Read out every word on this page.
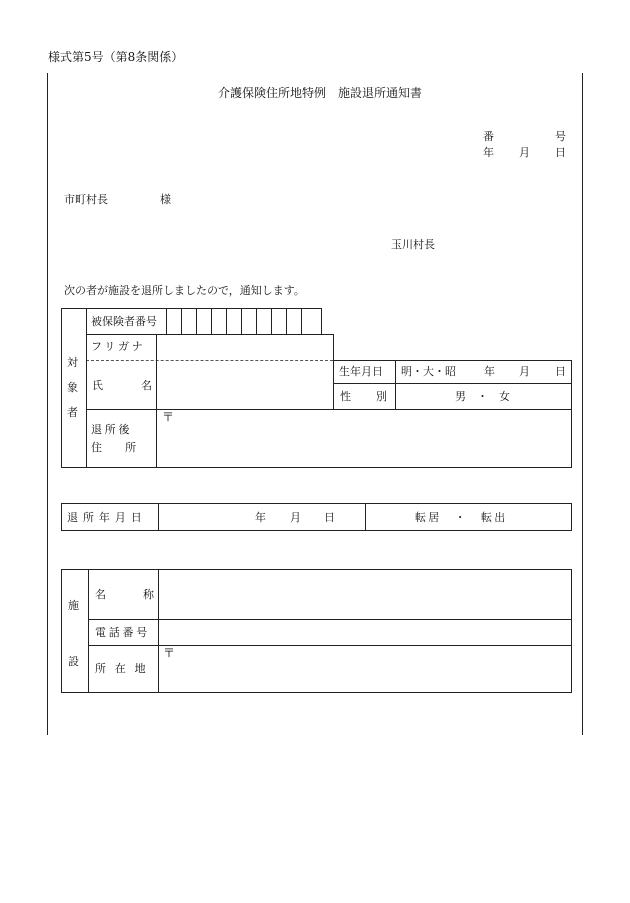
様式第5号（第8条関係）
介護保険住所地特例　施設退所通知書
番	号
年 月 日
市町村長	様
玉川村長
次の者が施設を退所しましたので，通知します。
対
象
者
被保険者番号
フリガナ
氏	名
生年月日 明・大・昭	年 月 日
性 別	男　・　女
退所後
住所
〒
退所年月日	年 月 日	転居　・　転出
施
設
名	称
電話番号
所在地
〒
